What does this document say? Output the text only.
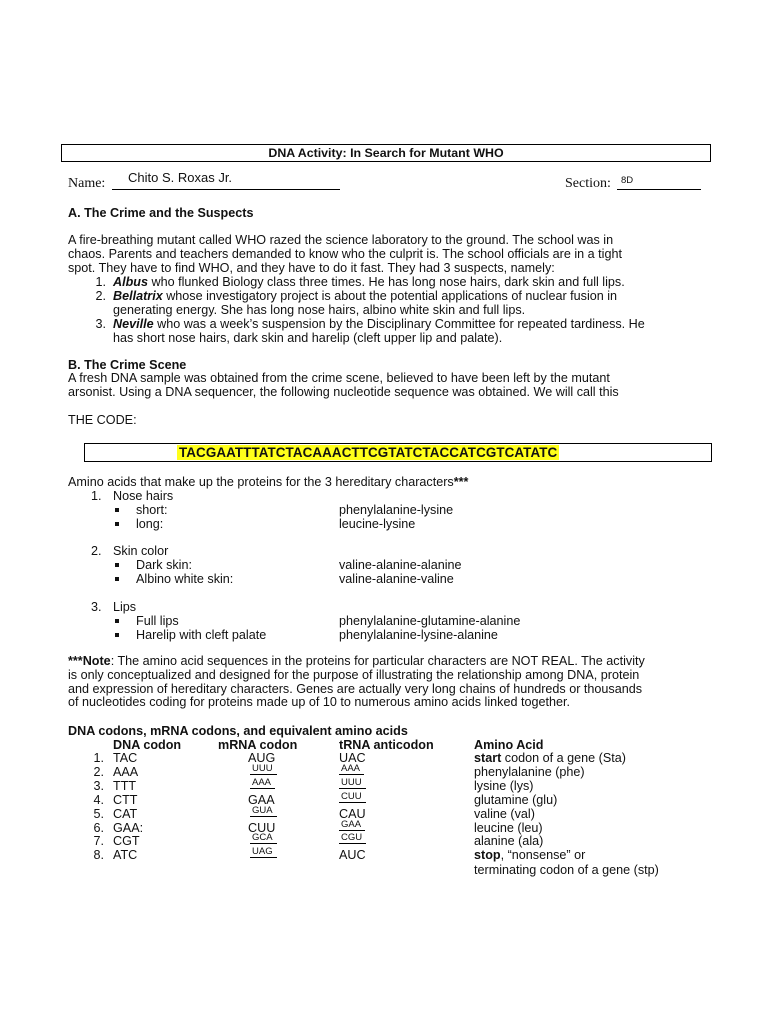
DNA Activity: In Search for Mutant WHO
Name: Chito S. Roxas Jr.	Section: 8D
A. The Crime and the Suspects
A fire-breathing mutant called WHO razed the science laboratory to the ground. The school was in
chaos. Parents and teachers demanded to know who the culprit is. The school officials are in a tight
spot. They have to find WHO, and they have to do it fast. They had 3 suspects, namely:
1. Albus who flunked Biology class three times. He has long nose hairs, dark skin and full lips.
2. Bellatrix whose investigatory project is about the potential applications of nuclear fusion in
generating energy. She has long nose hairs, albino white skin and full lips.
3. Neville who was a week’s suspension by the Disciplinary Committee for repeated tardiness. He
has short nose hairs, dark skin and harelip (cleft upper lip and palate).
B. The Crime Scene
A fresh DNA sample was obtained from the crime scene, believed to have been left by the mutant
arsonist. Using a DNA sequencer, the following nucleotide sequence was obtained. We will call this
THE CODE:
TACGAATTTATCTACAAACTTCGTATCTACCATCGTCATATC
Amino acids that make up the proteins for the 3 hereditary characters***
1. Nose hairs
short:	phenylalanine-lysine
long:	leucine-lysine
2. Skin color
Dark skin:	valine-alanine-alanine
Albino white skin:	valine-alanine-valine
3. Lips
Full lips	phenylalanine-glutamine-alanine
Harelip with cleft palate	phenylalanine-lysine-alanine
***Note: The amino acid sequences in the proteins for particular characters are NOT REAL. The activity
is only conceptualized and designed for the purpose of illustrating the relationship among DNA, protein
and expression of hereditary characters. Genes are actually very long chains of hundreds or thousands
of nucleotides coding for proteins made up of 10 to numerous amino acids linked together.
DNA codons, mRNA codons, and equivalent amino acids
DNA codon	mRNA codon	tRNA anticodon	Amino Acid
1. TAC	AUG	UAC	start codon of a gene (Sta)
2. AAA	UUU	AAA	phenylalanine (phe)
3. TTT	AAA	UUU	lysine (lys)
4. CTT	GAA	CUU	glutamine (glu)
5. CAT	GUA	CAU	valine (val)
6. GAA:	CUU	GAA	leucine (leu)
7. CGT	GCA	CGU	alanine (ala)
8. ATC	UAG	AUC	stop, “nonsense” or
terminating codon of a gene (stp)
